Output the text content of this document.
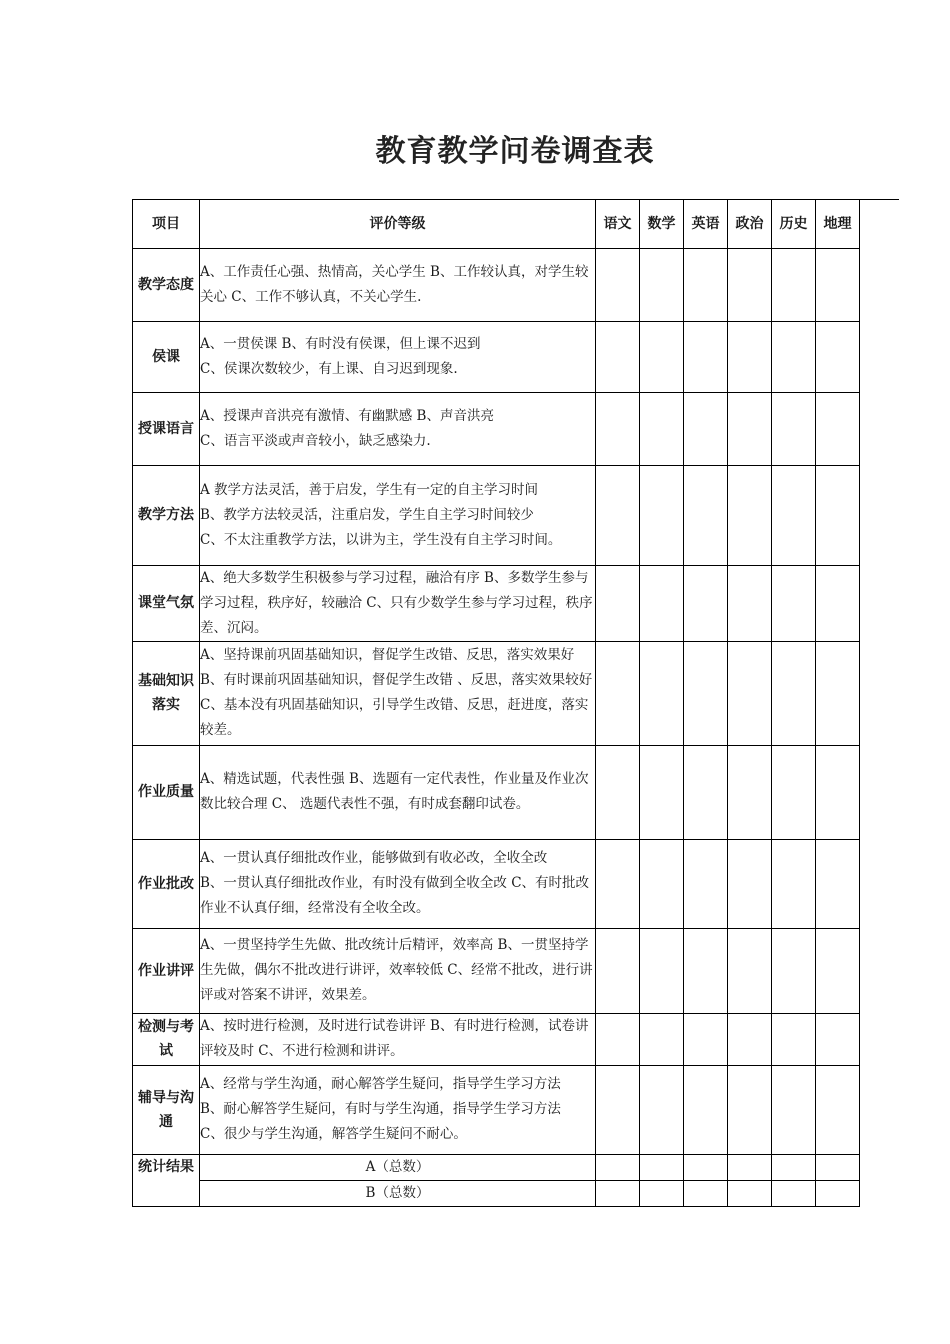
教育教学问卷调查表
项目	评价等级	语文	数学	英语	政治	历史	地理
教学态度	A、工作责任心强、热情高，关心学生 B、工作较认真，对学生较关心 C、工作不够认真，不关心学生.						
侯课	A、一贯侯课 B、有时没有侯课，但上课不迟到
C、侯课次数较少，有上课、自习迟到现象.						
授课语言	A、授课声音洪亮有激情、有幽默感 B、声音洪亮
C、语言平淡或声音较小，缺乏感染力.						
教学方法	A 教学方法灵活，善于启发，学生有一定的自主学习时间
B、教学方法较灵活，注重启发，学生自主学习时间较少
C、不太注重教学方法，以讲为主，学生没有自主学习时间。						
课堂气氛	A、绝大多数学生积极参与学习过程，融洽有序 B、多数学生参与学习过程，秩序好，较融洽 C、只有少数学生参与学习过程，秩序差、沉闷。						
基础知识落实	A、坚持课前巩固基础知识，督促学生改错、反思，落实效果好 B、有时课前巩固基础知识，督促学生改错 、反思，落实效果较好 C、基本没有巩固基础知识，引导学生改错、反思，赶进度，落实较差。						
作业质量	A、精选试题，代表性强 B、选题有一定代表性，作业量及作业次数比较合理 C、 选题代表性不强，有时成套翻印试卷。						
作业批改	A、一贯认真仔细批改作业，能够做到有收必改，全收全改
B、一贯认真仔细批改作业，有时没有做到全收全改 C、有时批改作业不认真仔细，经常没有全收全改。						
作业讲评	A、一贯坚持学生先做、批改统计后精评，效率高 B、一贯坚持学生先做，偶尔不批改进行讲评，效率较低 C、经常不批改，进行讲评或对答案不讲评，效果差。						
检测与考试	A、按时进行检测，及时进行试卷讲评 B、有时进行检测，试卷讲评较及时 C、不进行检测和讲评。						
辅导与沟通	A、经常与学生沟通，耐心解答学生疑问，指导学生学习方法
B、耐心解答学生疑问，有时与学生沟通，指导学生学习方法
C、很少与学生沟通，解答学生疑问不耐心。						
统计结果	A（总数）						
	B（总数）						
